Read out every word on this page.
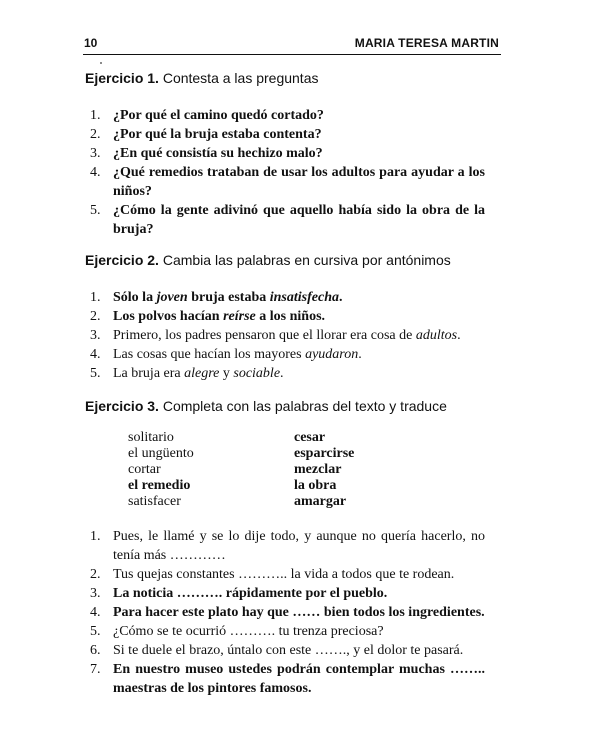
10	MARIA TERESA MARTIN
Ejercicio 1. Contesta a las preguntas
1. ¿Por qué el camino quedó cortado?
2. ¿Por qué la bruja estaba contenta?
3. ¿En qué consistía su hechizo malo?
4. ¿Qué remedios trataban de usar los adultos para ayudar a los niños?
5. ¿Cómo la gente adivinó que aquello había sido la obra de la bruja?
Ejercicio 2. Cambia las palabras en cursiva por antónimos
1. Sólo la joven bruja estaba insatisfecha.
2. Los polvos hacían reírse a los niños.
3. Primero, los padres pensaron que el llorar era cosa de adultos.
4. Las cosas que hacían los mayores ayudaron.
5. La bruja era alegre y sociable.
Ejercicio 3. Completa con las palabras del texto y traduce
solitario
el ungüento
cortar
el remedio
satisfacer
cesar
esparcirse
mezclar
la obra
amargar
1. Pues, le llamé y se lo dije todo, y aunque no quería hacerlo, no tenía más …………
2. Tus quejas constantes ……….. la vida a todos que te rodean.
3. La noticia ………. rápidamente por el pueblo.
4. Para hacer este plato hay que …… bien todos los ingredientes.
5. ¿Cómo se te ocurrió ………. tu trenza preciosa?
6. Si te duele el brazo, úntalo con este ……., y el dolor te pasará.
7. En nuestro museo ustedes podrán contemplar muchas …….. maestras de los pintores famosos.
